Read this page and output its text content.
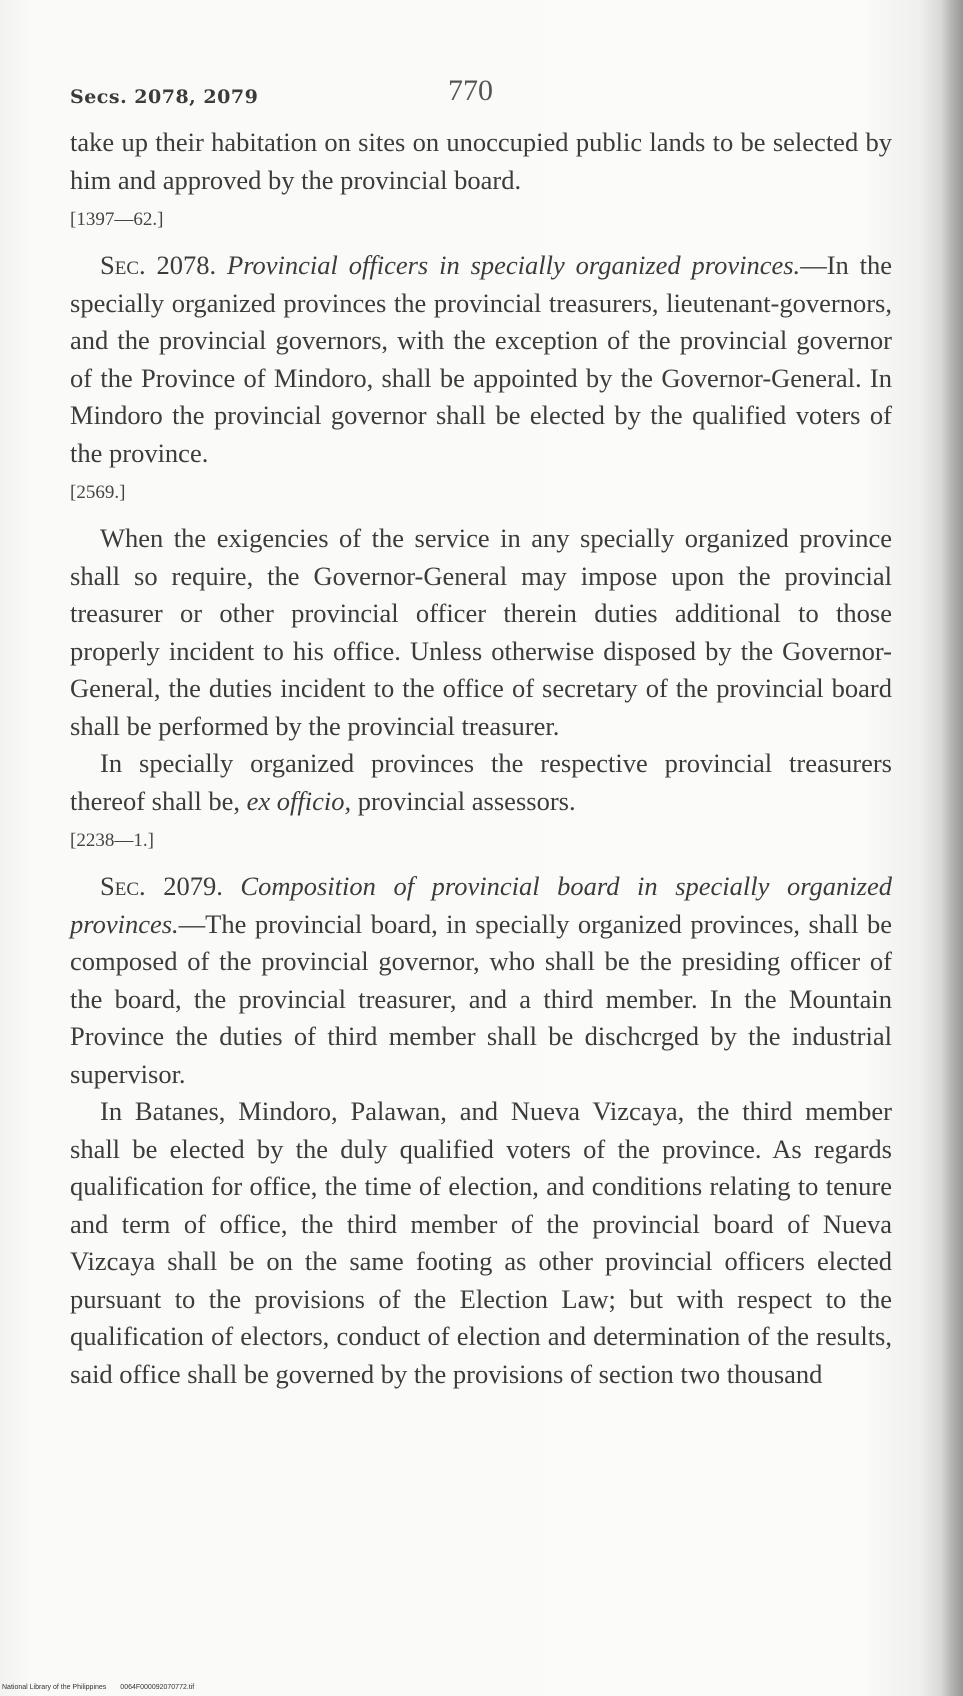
Secs. 2078, 2079	770

take up their habitation on sites on unoccupied public lands to be selected by him and approved by the provincial board.

[1397—62.]

Sec. 2078. Provincial officers in specially organized provinces.—In the specially organized provinces the provincial treasurers, lieutenant-governors, and the provincial governors, with the exception of the provincial governor of the Province of Mindoro, shall be appointed by the Governor-General. In Mindoro the provincial governor shall be elected by the qualified voters of the province.

[2569.]

When the exigencies of the service in any specially organized province shall so require, the Governor-General may impose upon the provincial treasurer or other provincial officer therein duties additional to those properly incident to his office. Unless otherwise disposed by the Governor-General, the duties incident to the office of secretary of the provincial board shall be performed by the provincial treasurer.

In specially organized provinces the respective provincial treasurers thereof shall be, ex officio, provincial assessors.

[2238—1.]

Sec. 2079. Composition of provincial board in specially organized provinces.—The provincial board, in specially organized provinces, shall be composed of the provincial governor, who shall be the presiding officer of the board, the provincial treasurer, and a third member. In the Mountain Province the duties of third member shall be dischcrged by the industrial supervisor.

In Batanes, Mindoro, Palawan, and Nueva Vizcaya, the third member shall be elected by the duly qualified voters of the province. As regards qualification for office, the time of election, and conditions relating to tenure and term of office, the third member of the provincial board of Nueva Vizcaya shall be on the same footing as other provincial officers elected pursuant to the provisions of the Election Law; but with respect to the qualification of electors, conduct of election and determination of the results, said office shall be governed by the provisions of section two thousand

National Library of the Philippines 0064F000092070772.tif
